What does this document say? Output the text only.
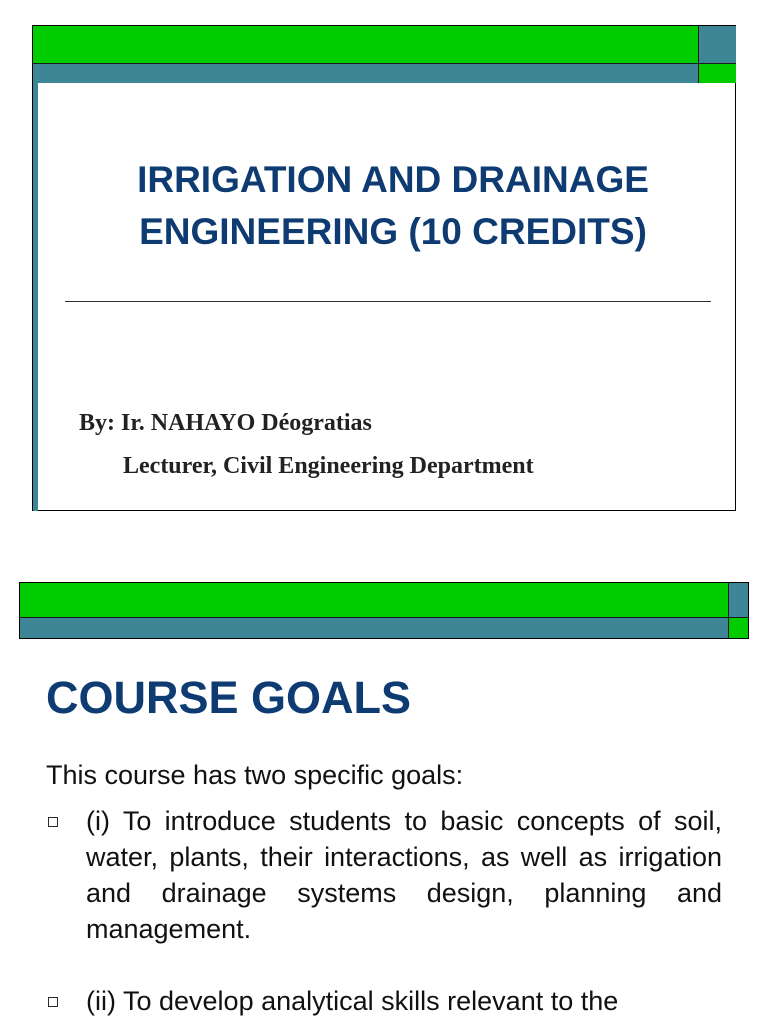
IRRIGATION AND DRAINAGE
ENGINEERING (10 CREDITS)

By: Ir. NAHAYO Déogratias

Lecturer, Civil Engineering Department

COURSE GOALS

This course has two specific goals:

(i) To introduce students to basic concepts of soil, water, plants, their interactions, as well as irrigation and drainage systems design, planning and management.
(ii) To develop analytical skills relevant to the
